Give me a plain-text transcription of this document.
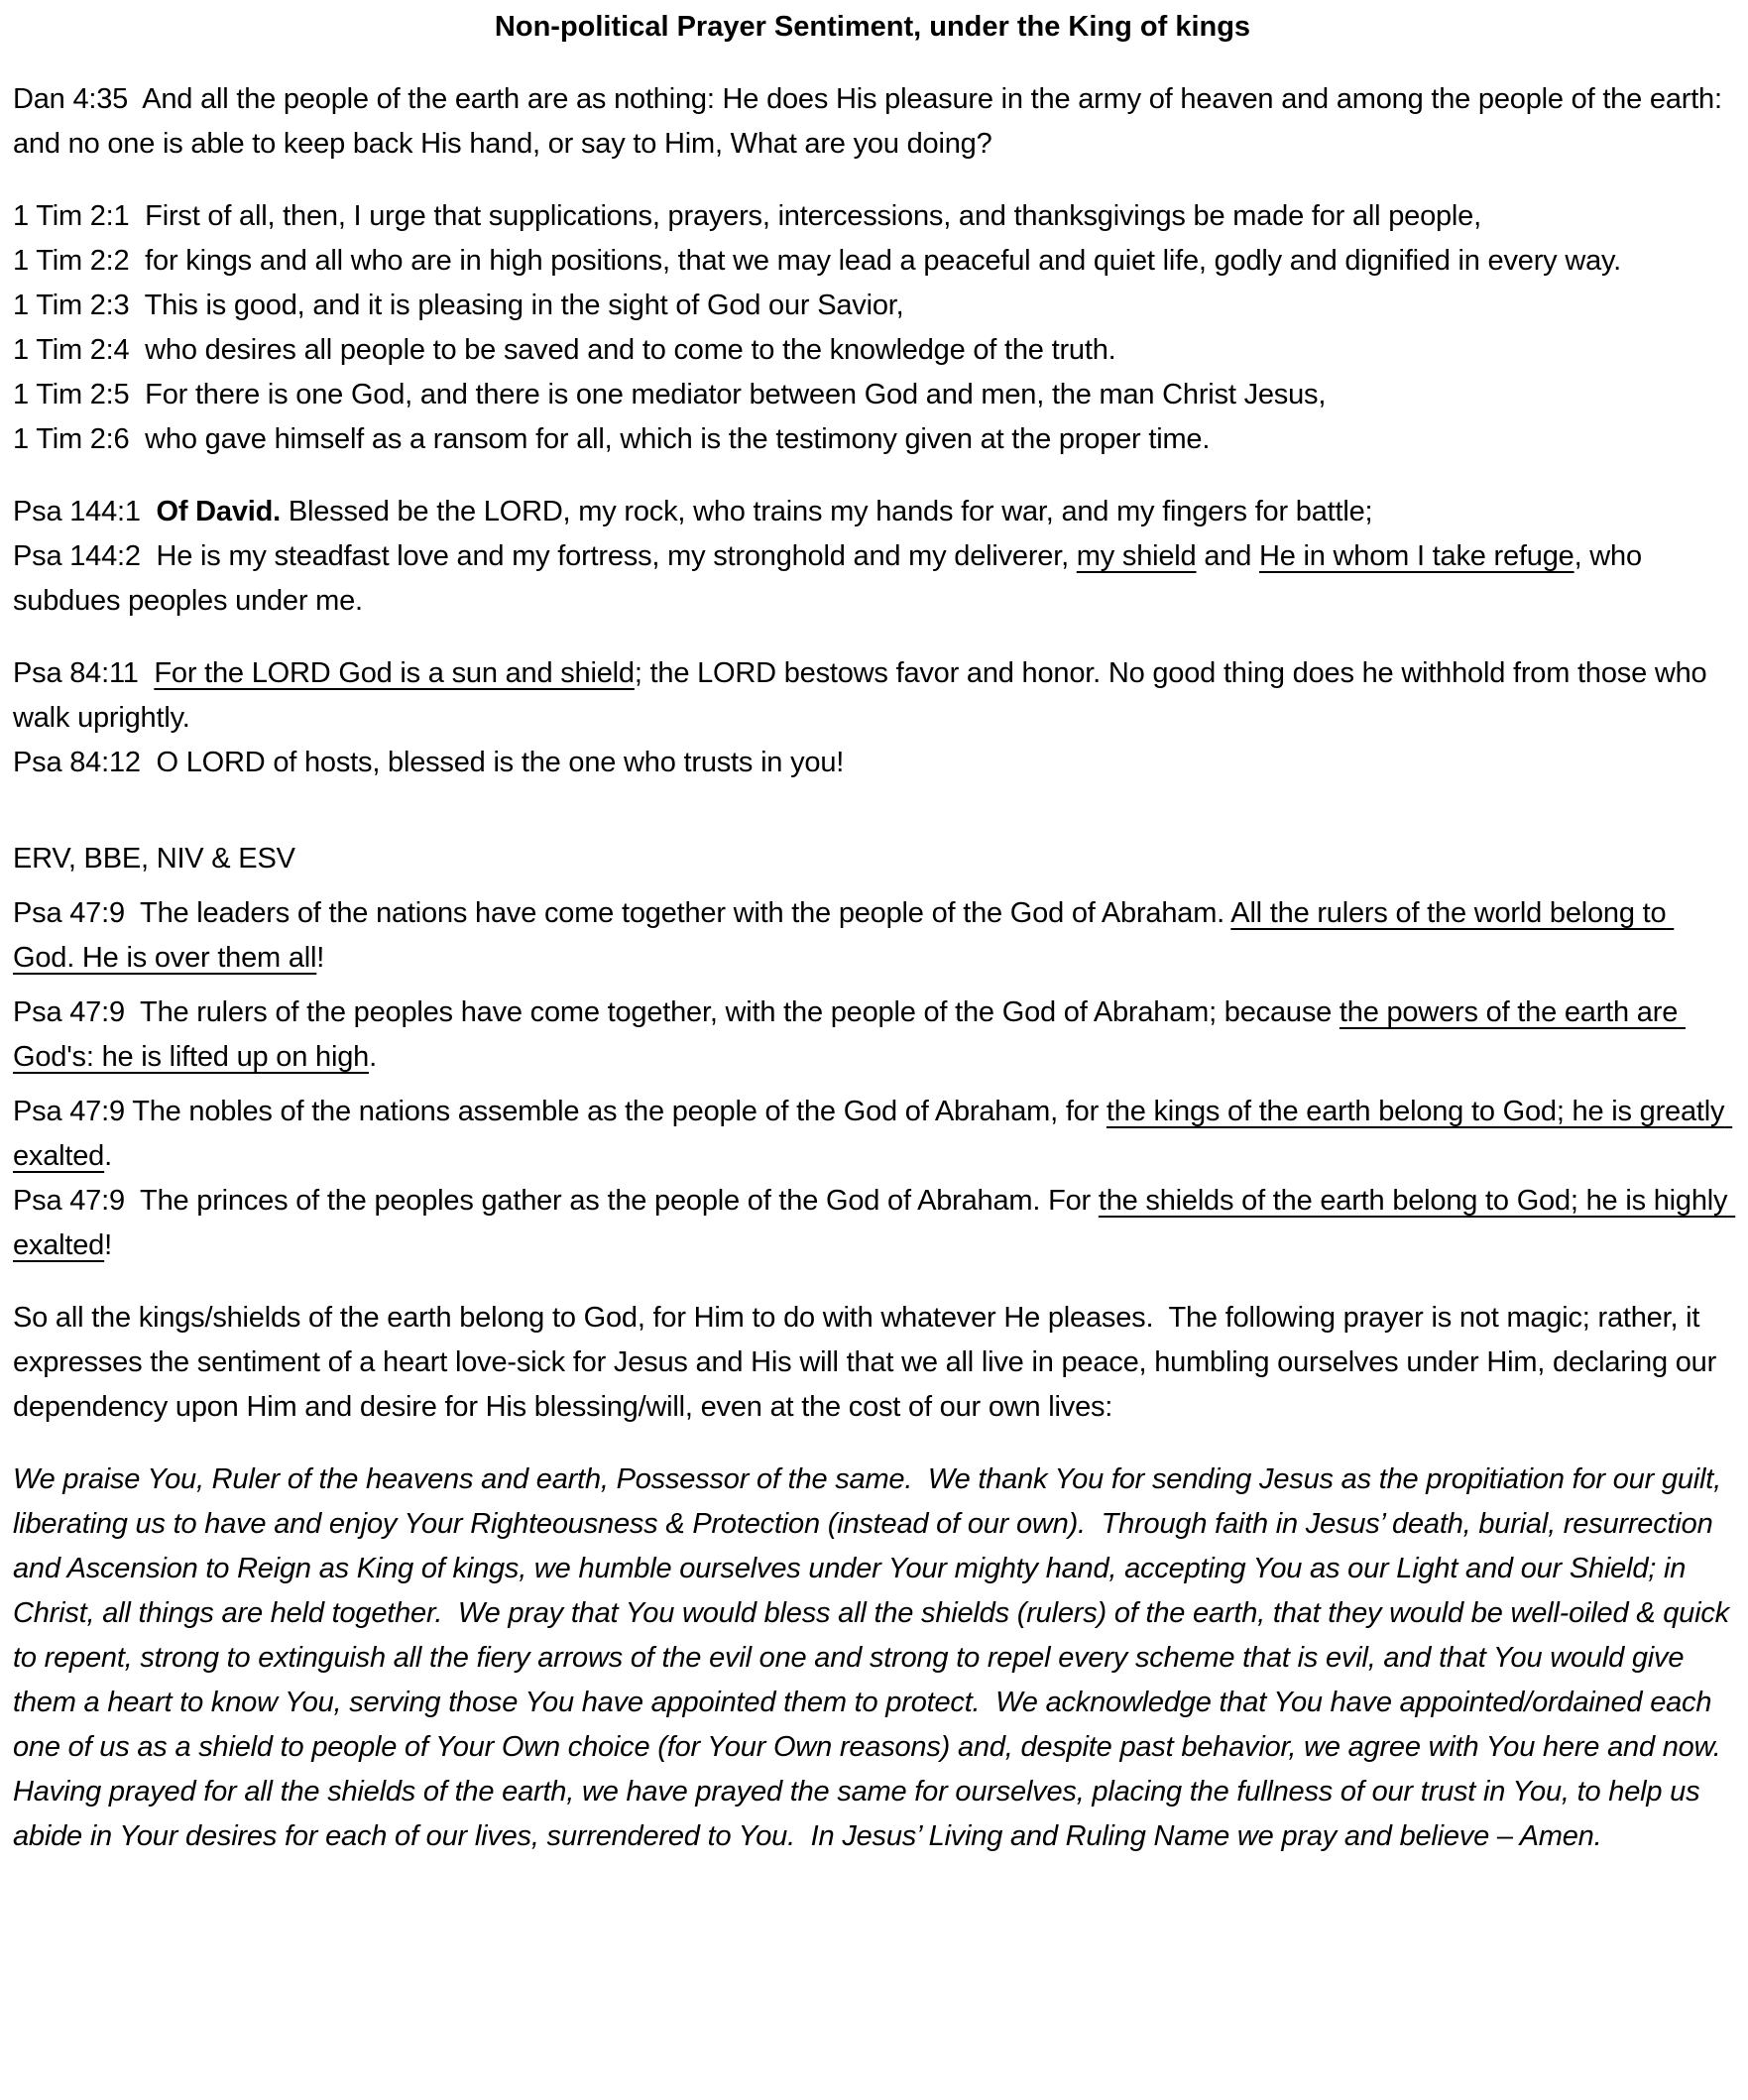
Non-political Prayer Sentiment, under the King of kings

Dan 4:35  And all the people of the earth are as nothing: He does His pleasure in the army of heaven and among the people of the earth: and no one is able to keep back His hand, or say to Him, What are you doing?

1 Tim 2:1  First of all, then, I urge that supplications, prayers, intercessions, and thanksgivings be made for all people,

1 Tim 2:2  for kings and all who are in high positions, that we may lead a peaceful and quiet life, godly and dignified in every way.

1 Tim 2:3  This is good, and it is pleasing in the sight of God our Savior,

1 Tim 2:4  who desires all people to be saved and to come to the knowledge of the truth.

1 Tim 2:5  For there is one God, and there is one mediator between God and men, the man Christ Jesus,

1 Tim 2:6  who gave himself as a ransom for all, which is the testimony given at the proper time.

Psa 144:1  Of David. Blessed be the LORD, my rock, who trains my hands for war, and my fingers for battle;

Psa 144:2  He is my steadfast love and my fortress, my stronghold and my deliverer, my shield and He in whom I take refuge, who subdues peoples under me.

Psa 84:11  For the LORD God is a sun and shield; the LORD bestows favor and honor. No good thing does he withhold from those who walk uprightly.

Psa 84:12  O LORD of hosts, blessed is the one who trusts in you!

ERV, BBE, NIV & ESV

Psa 47:9  The leaders of the nations have come together with the people of the God of Abraham. All the rulers of the world belong to God. He is over them all!

Psa 47:9  The rulers of the peoples have come together, with the people of the God of Abraham; because the powers of the earth are God's: he is lifted up on high.

Psa 47:9 The nobles of the nations assemble as the people of the God of Abraham, for the kings of the earth belong to God; he is greatly exalted.

Psa 47:9  The princes of the peoples gather as the people of the God of Abraham. For the shields of the earth belong to God; he is highly exalted!

So all the kings/shields of the earth belong to God, for Him to do with whatever He pleases.  The following prayer is not magic; rather, it expresses the sentiment of a heart love-sick for Jesus and His will that we all live in peace, humbling ourselves under Him, declaring our dependency upon Him and desire for His blessing/will, even at the cost of our own lives:

We praise You, Ruler of the heavens and earth, Possessor of the same.  We thank You for sending Jesus as the propitiation for our guilt, liberating us to have and enjoy Your Righteousness & Protection (instead of our own).  Through faith in Jesus’ death, burial, resurrection and Ascension to Reign as King of kings, we humble ourselves under Your mighty hand, accepting You as our Light and our Shield; in Christ, all things are held together.  We pray that You would bless all the shields (rulers) of the earth, that they would be well-oiled & quick to repent, strong to extinguish all the fiery arrows of the evil one and strong to repel every scheme that is evil, and that You would give them a heart to know You, serving those You have appointed them to protect.  We acknowledge that You have appointed/ordained each one of us as a shield to people of Your Own choice (for Your Own reasons) and, despite past behavior, we agree with You here and now.  Having prayed for all the shields of the earth, we have prayed the same for ourselves, placing the fullness of our trust in You, to help us abide in Your desires for each of our lives, surrendered to You.  In Jesus’ Living and Ruling Name we pray and believe – Amen.
